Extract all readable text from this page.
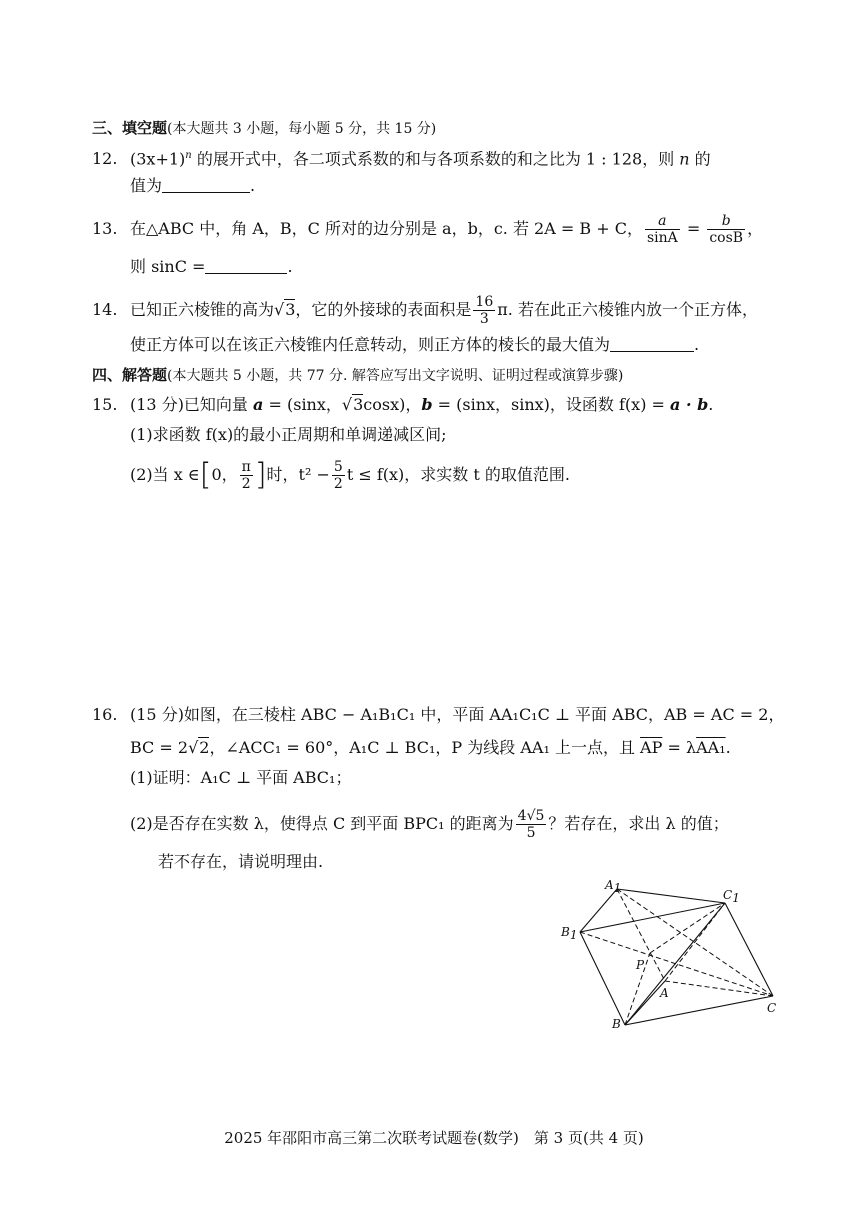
三、填空题(本大题共 3 小题，每小题 5 分，共 15 分)
12. $(3x+1)^n$ 的展开式中，各二项式系数的和与各项系数的和之比为 1 : 128，则 n 的
值为	.
13. 在△ABC 中，角 A，B，C 所对的边分别是 a，b，c. 若 2A = B + C， $\frac{a}{\sin A} = \frac{b}{\cos B}$ ，
则 sinC =	.
14. 已知正六棱锥的高为√3，它的外接球的表面积是 $\frac{16}{3} \pi$. 若在此正六棱锥内放一个正方体，
使正方体可以在该正六棱锥内任意转动，则正方体的棱长的最大值为	.
四、解答题(本大题共 5 小题，共 77 分. 解答应写出文字说明、证明过程或演算步骤)
15. (13 分)已知向量 a = (sinx，√3cosx)，b = (sinx，sinx)，设函数 f(x) = a · b.
(1)求函数 f(x)的最小正周期和单调递减区间;
(2)当 x ∈[0， $\frac{\pi}{2}$ ]时，$t^2 - \frac{5}{2}$ t ≤ f(x)，求实数 t 的取值范围.
16. (15 分)如图，在三棱柱 ABC − A₁B₁C₁ 中，平面 AA₁C₁C ⊥ 平面 ABC，AB = AC = 2，
BC = 2√2，∠ACC₁ = 60°，A₁C ⊥ BC₁，P 为线段 AA₁ 上一点，且 $\overline{AP} = \lambda AA_1$.
(1)证明：A₁C ⊥ 平面 ABC₁；
(2)是否存在实数 λ，使得点 C 到平面 BPC₁ 的距离为 $\frac{4√5}{5}$ ？若存在，求出 λ 的值；
若不存在，请说明理由.
A1	C1
B1
P
A
B
C
2025 年邵阳市高三第二次联考试题卷(数学)　第 3 页(共 4 页)
